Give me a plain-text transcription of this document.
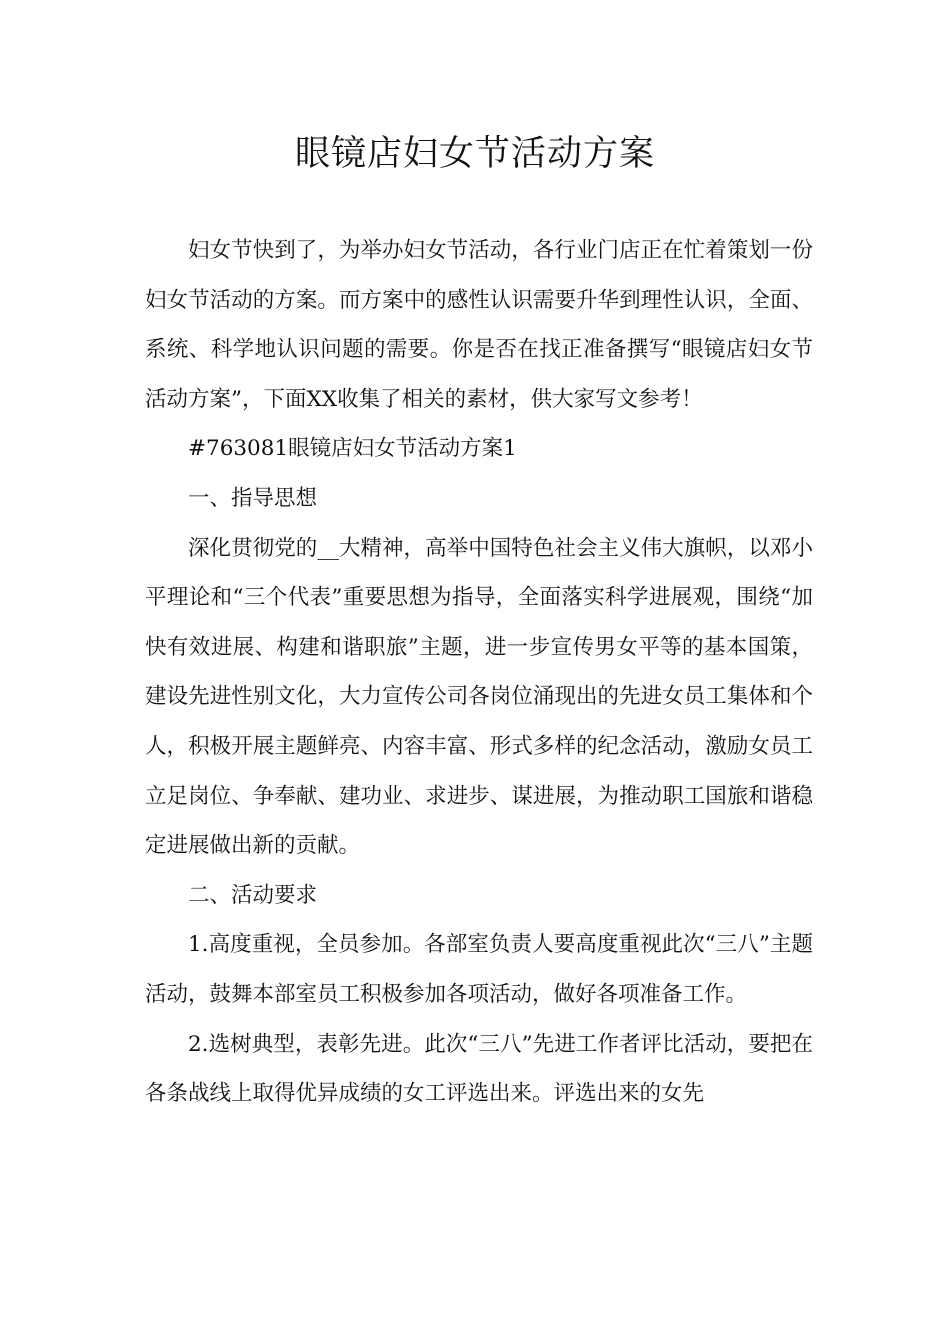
眼镜店妇女节活动方案

妇女节快到了，为举办妇女节活动，各行业门店正在忙着策划一份妇女节活动的方案。而方案中的感性认识需要升华到理性认识，全面、系统、科学地认识问题的需要。你是否在找正准备撰写“眼镜店妇女节活动方案”，下面XX收集了相关的素材，供大家写文参考！

#763081眼镜店妇女节活动方案1

一、指导思想

深化贯彻党的__大精神，高举中国特色社会主义伟大旗帜，以邓小平理论和“三个代表”重要思想为指导，全面落实科学进展观，围绕“加快有效进展、构建和谐职旅”主题，进一步宣传男女平等的基本国策，建设先进性别文化，大力宣传公司各岗位涌现出的先进女员工集体和个人，积极开展主题鲜亮、内容丰富、形式多样的纪念活动，激励女员工立足岗位、争奉献、建功业、求进步、谋进展，为推动职工国旅和谐稳定进展做出新的贡献。

二、活动要求

1.高度重视，全员参加。各部室负责人要高度重视此次“三八”主题活动，鼓舞本部室员工积极参加各项活动，做好各项准备工作。

2.选树典型，表彰先进。此次“三八”先进工作者评比活动，要把在各条战线上取得优异成绩的女工评选出来。评选出来的女先
